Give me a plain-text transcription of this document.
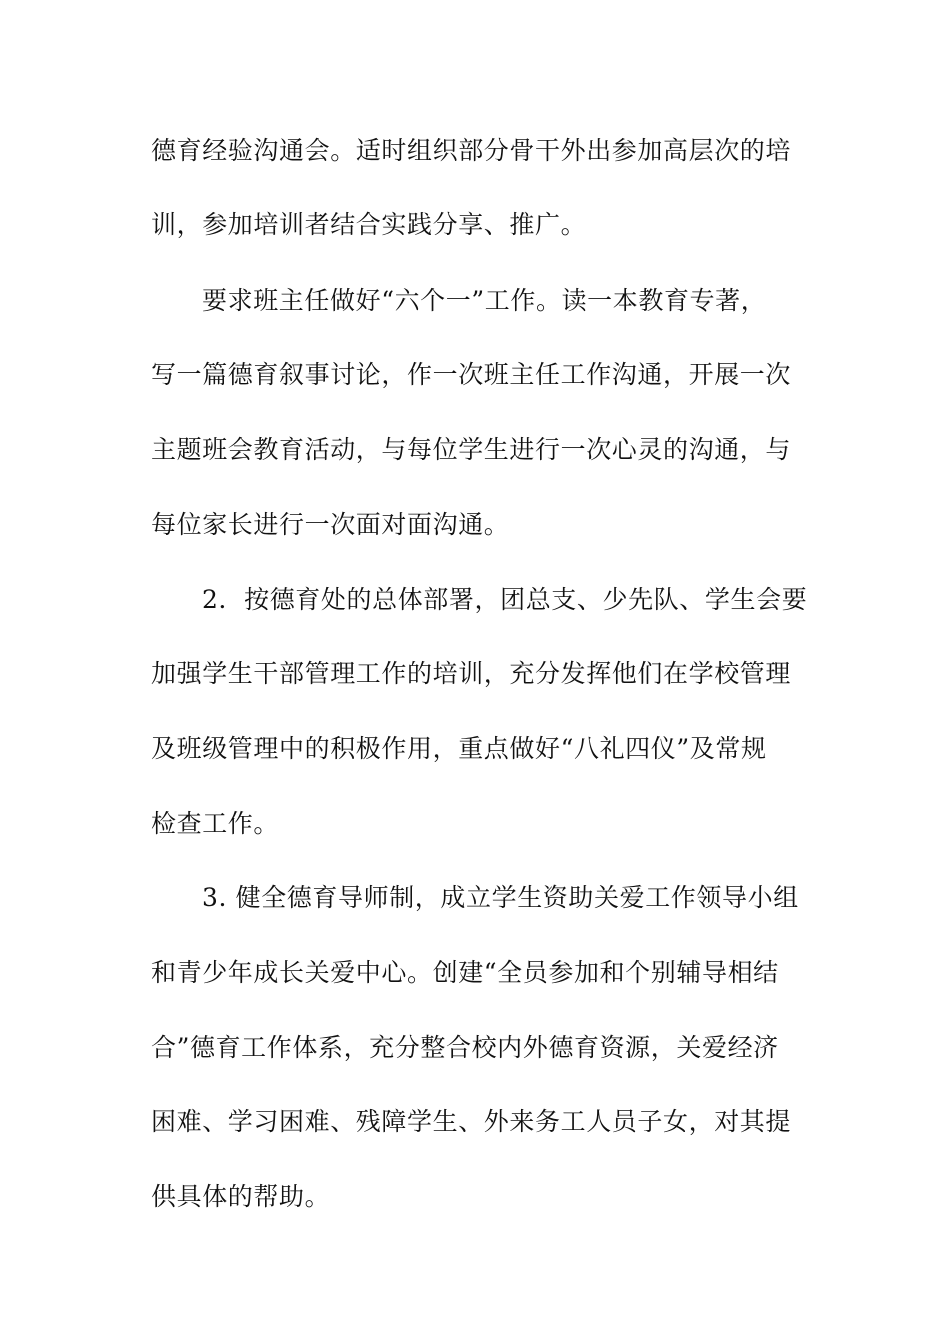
德育经验沟通会。适时组织部分骨干外出参加高层次的培
训，参加培训者结合实践分享、推广。
要求班主任做好“六个一”工作。读一本教育专著，
写一篇德育叙事讨论，作一次班主任工作沟通，开展一次
主题班会教育活动，与每位学生进行一次心灵的沟通，与
每位家长进行一次面对面沟通。
2．按德育处的总体部署，团总支、少先队、学生会要
加强学生干部管理工作的培训，充分发挥他们在学校管理
及班级管理中的积极作用，重点做好“八礼四仪”及常规
检查工作。
3. 健全德育导师制，成立学生资助关爱工作领导小组
和青少年成长关爱中心。创建“全员参加和个别辅导相结
合”德育工作体系，充分整合校内外德育资源，关爱经济
困难、学习困难、残障学生、外来务工人员子女，对其提
供具体的帮助。
